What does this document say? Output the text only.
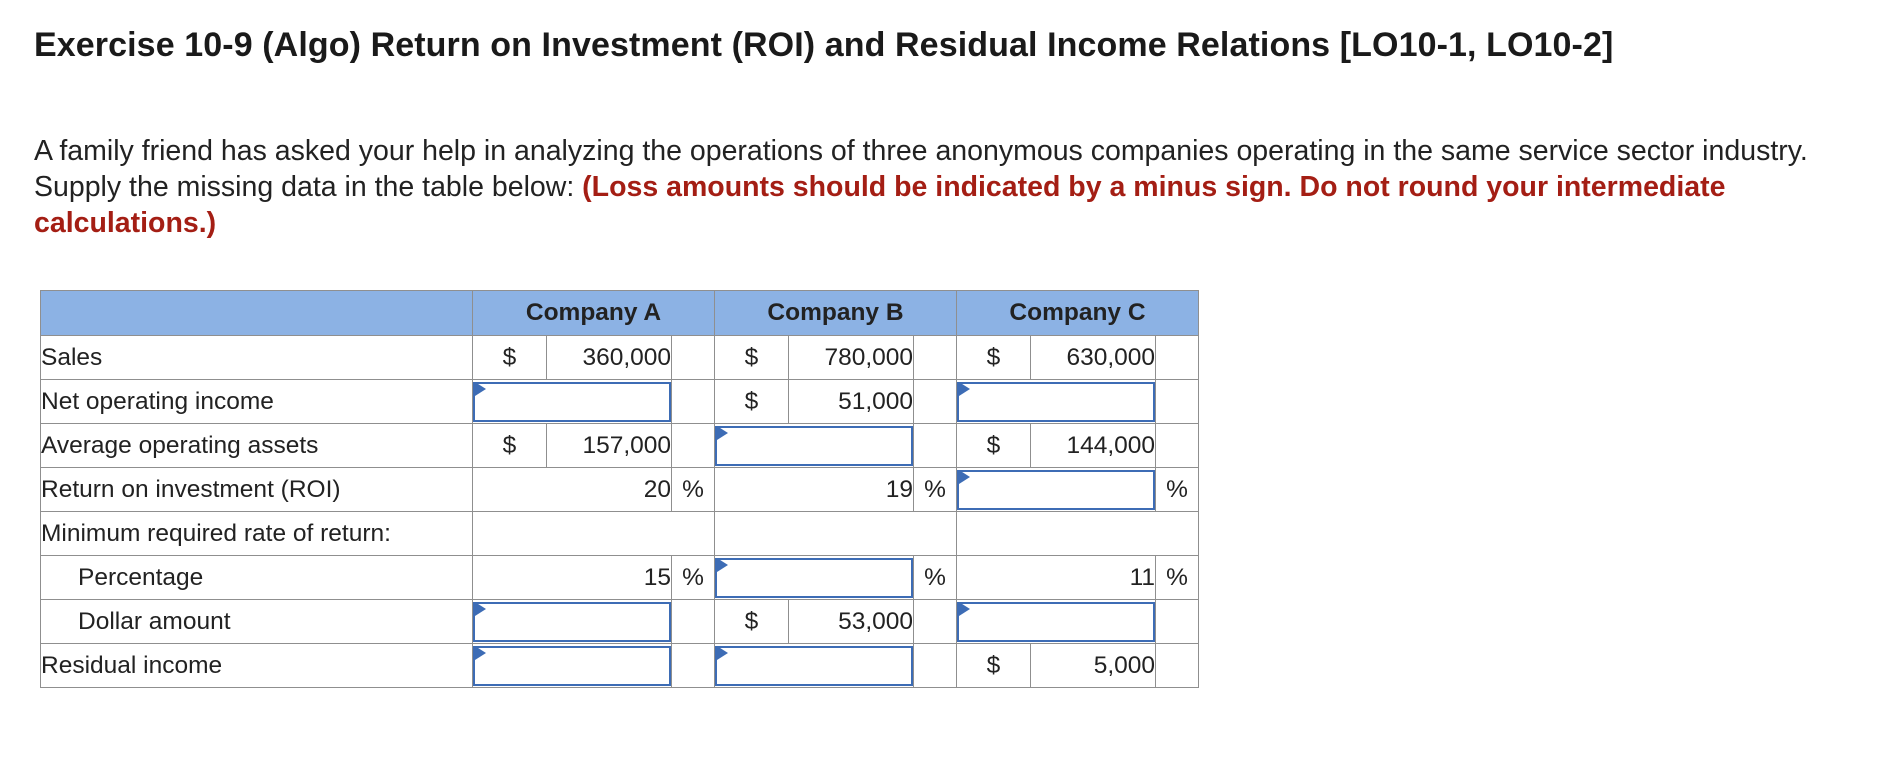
Exercise 10-9 (Algo) Return on Investment (ROI) and Residual Income Relations [LO10-1, LO10-2]
A family friend has asked your help in analyzing the operations of three anonymous companies operating in the same service sector industry. Supply the missing data in the table below: (Loss amounts should be indicated by a minus sign. Do not round your intermediate calculations.)
	Company A			Company B			Company C		
Sales	$	360,000		$	780,000		$	630,000	
Net operating income				$	51,000		

Average operating assets	$	157,000					$	144,000	
Return on investment (ROI)	20		%	19		%			%
Minimum required rate of return:									
Percentage	15		%			%	11		%
Dollar amount				$	53,000		

Residual income							$	5,000	
